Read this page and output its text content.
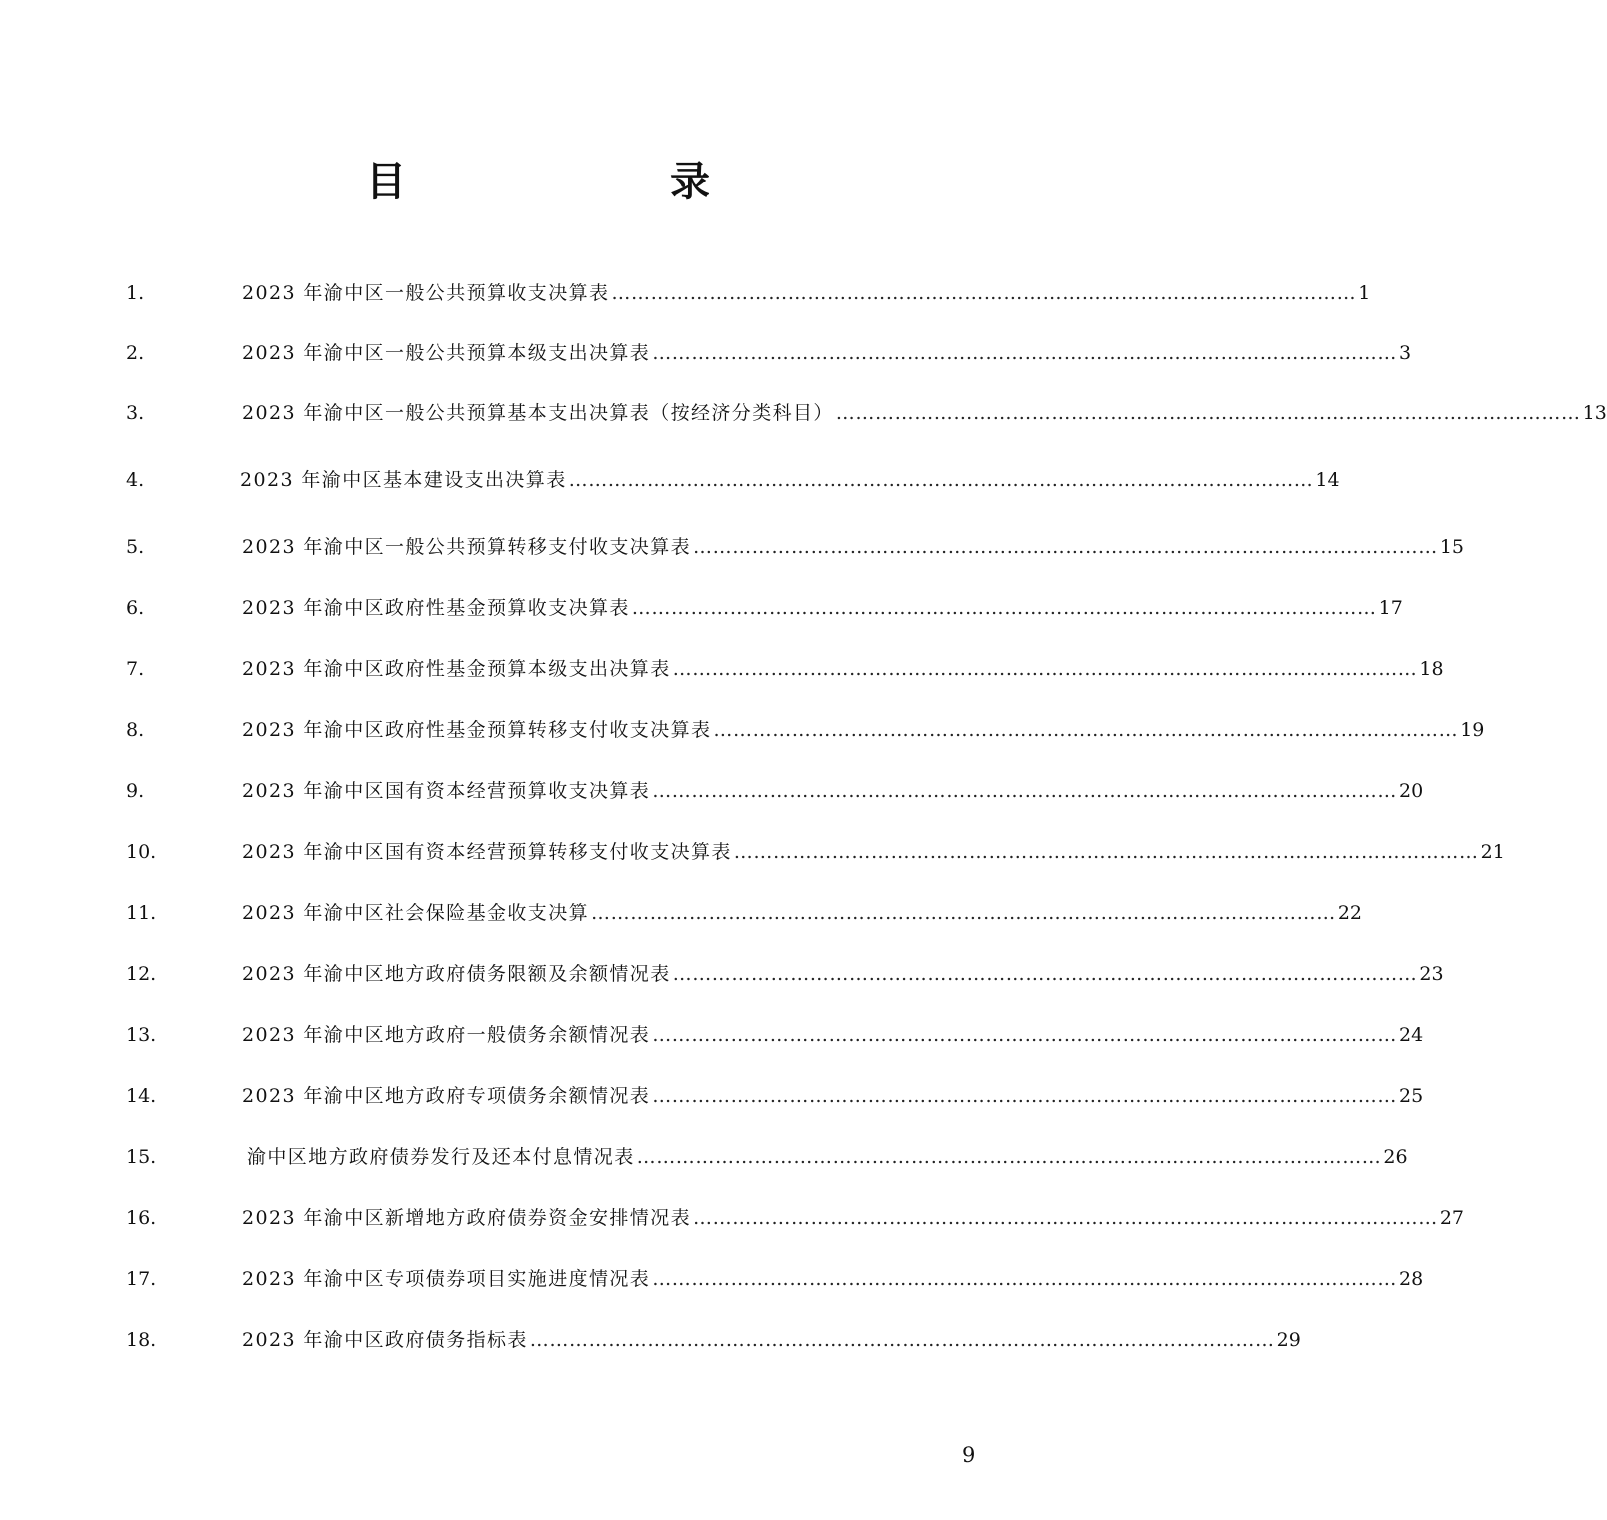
目	录
1.	2023 年渝中区一般公共预算收支决算表 …………………………………………………………………………………………………… 1
2.	2023 年渝中区一般公共预算本级支出决算表 …………………………………………………………………………………………………… 3
3.	2023 年渝中区一般公共预算基本支出决算表（按经济分类科目） …………………………………………………………………………………………………… 13
4.	2023 年渝中区基本建设支出决算表 …………………………………………………………………………………………………… 14
5.	2023 年渝中区一般公共预算转移支付收支决算表 …………………………………………………………………………………………………… 15
6.	2023 年渝中区政府性基金预算收支决算表 …………………………………………………………………………………………………… 17
7.	2023 年渝中区政府性基金预算本级支出决算表 …………………………………………………………………………………………………… 18
8.	2023 年渝中区政府性基金预算转移支付收支决算表 …………………………………………………………………………………………………… 19
9.	2023 年渝中区国有资本经营预算收支决算表 …………………………………………………………………………………………………… 20
10.	2023 年渝中区国有资本经营预算转移支付收支决算表 …………………………………………………………………………………………………… 21
11.	2023 年渝中区社会保险基金收支决算 …………………………………………………………………………………………………… 22
12.	2023 年渝中区地方政府债务限额及余额情况表 …………………………………………………………………………………………………… 23
13.	2023 年渝中区地方政府一般债务余额情况表 …………………………………………………………………………………………………… 24
14.	2023 年渝中区地方政府专项债务余额情况表 …………………………………………………………………………………………………… 25
15.	渝中区地方政府债券发行及还本付息情况表 …………………………………………………………………………………………………… 26
16.	2023 年渝中区新增地方政府债券资金安排情况表 …………………………………………………………………………………………………… 27
17.	2023 年渝中区专项债券项目实施进度情况表 …………………………………………………………………………………………………… 28
18.	2023 年渝中区政府债务指标表 …………………………………………………………………………………………………… 29
9
